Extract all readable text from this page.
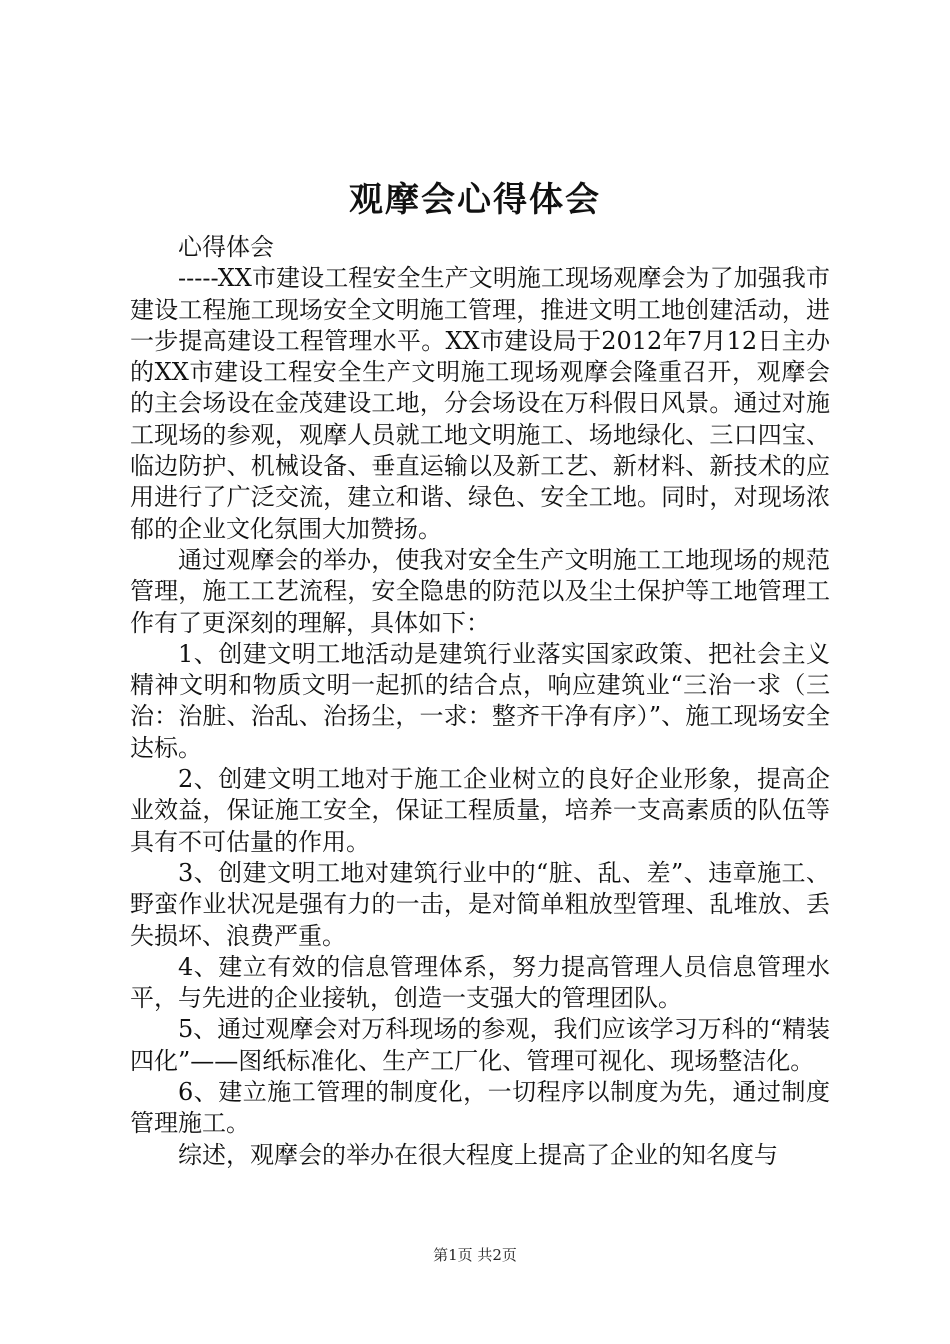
观摩会心得体会

心得体会

-----XX市建设工程安全生产文明施工现场观摩会为了加强我市建设工程施工现场安全文明施工管理，推进文明工地创建活动，进一步提高建设工程管理水平。XX市建设局于2012年7月12日主办的XX市建设工程安全生产文明施工现场观摩会隆重召开，观摩会的主会场设在金茂建设工地，分会场设在万科假日风景。通过对施工现场的参观，观摩人员就工地文明施工、场地绿化、三口四宝、临边防护、机械设备、垂直运输以及新工艺、新材料、新技术的应用进行了广泛交流，建立和谐、绿色、安全工地。同时，对现场浓郁的企业文化氛围大加赞扬。

通过观摩会的举办，使我对安全生产文明施工工地现场的规范管理，施工工艺流程，安全隐患的防范以及尘土保护等工地管理工作有了更深刻的理解，具体如下：

1、创建文明工地活动是建筑行业落实国家政策、把社会主义精神文明和物质文明一起抓的结合点，响应建筑业“三治一求（三治：治脏、治乱、治扬尘，一求：整齐干净有序）”、施工现场安全达标。

2、创建文明工地对于施工企业树立的良好企业形象，提高企业效益，保证施工安全，保证工程质量，培养一支高素质的队伍等具有不可估量的作用。

3、创建文明工地对建筑行业中的“脏、乱、差”、违章施工、野蛮作业状况是强有力的一击，是对简单粗放型管理、乱堆放、丢失损坏、浪费严重。

4、建立有效的信息管理体系，努力提高管理人员信息管理水平，与先进的企业接轨，创造一支强大的管理团队。

5、通过观摩会对万科现场的参观，我们应该学习万科的“精装四化”——图纸标准化、生产工厂化、管理可视化、现场整洁化。

6、建立施工管理的制度化，一切程序以制度为先，通过制度管理施工。

综述，观摩会的举办在很大程度上提高了企业的知名度与

第1页 共2页
